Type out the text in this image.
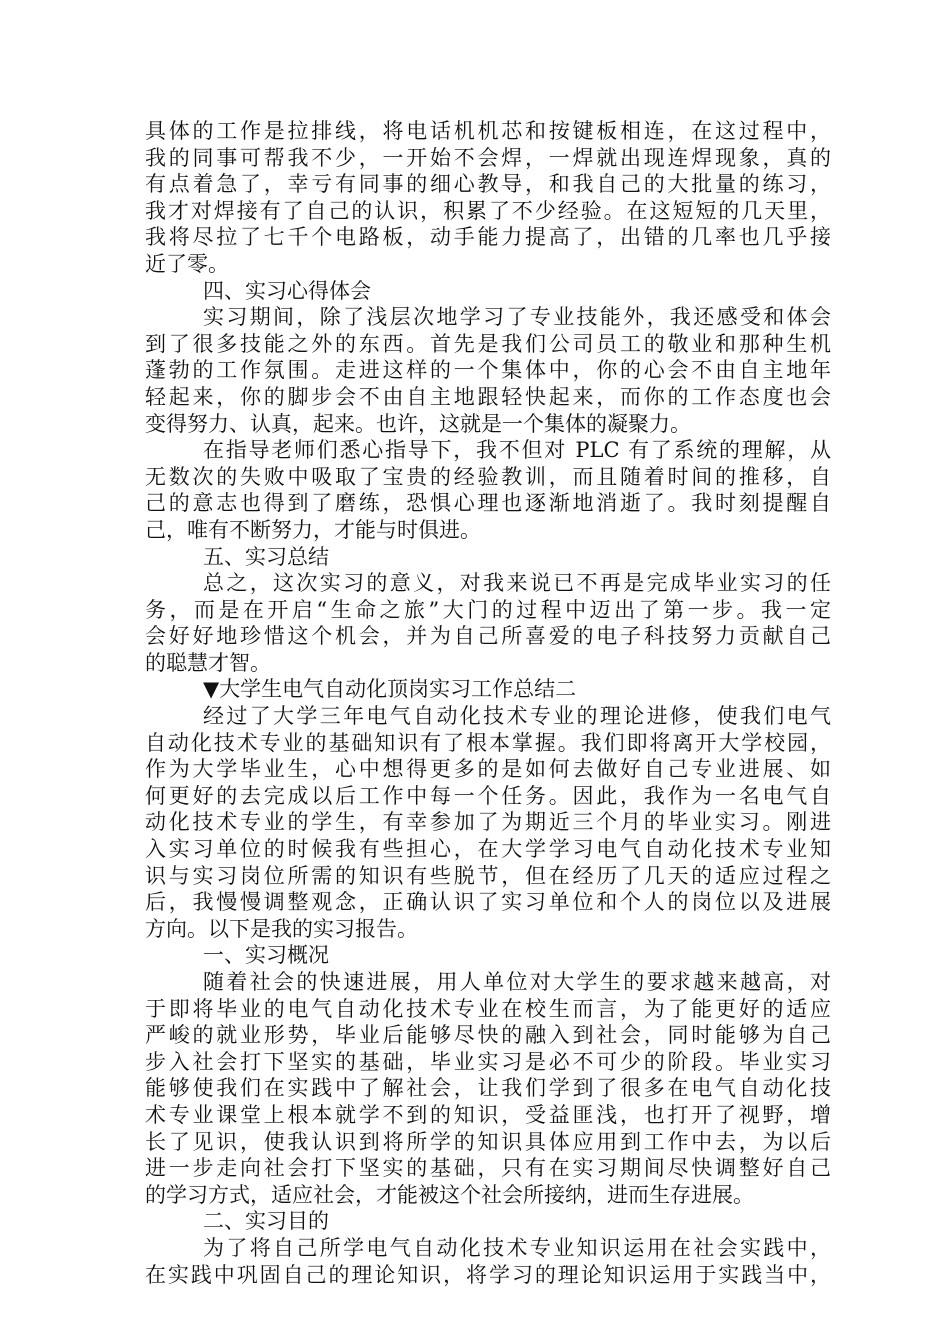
具体的工作是拉排线，将电话机机芯和按键板相连，在这过程中，
我的同事可帮我不少，一开始不会焊，一焊就出现连焊现象，真的
有点着急了，幸亏有同事的细心教导，和我自己的大批量的练习，
我才对焊接有了自己的认识，积累了不少经验。在这短短的几天里，
我将尽拉了七千个电路板，动手能力提高了，出错的几率也几乎接
近了零。
四、实习心得体会
实习期间，除了浅层次地学习了专业技能外，我还感受和体会
到了很多技能之外的东西。首先是我们公司员工的敬业和那种生机
蓬勃的工作氛围。走进这样的一个集体中，你的心会不由自主地年
轻起来，你的脚步会不由自主地跟轻快起来，而你的工作态度也会
变得努力、认真，起来。也许，这就是一个集体的凝聚力。
在指导老师们悉心指导下，我不但对 PLC 有了系统的理解，从
无数次的失败中吸取了宝贵的经验教训，而且随着时间的推移，自
己的意志也得到了磨练，恐惧心理也逐渐地消逝了。我时刻提醒自
己，唯有不断努力，才能与时俱进。
五、实习总结
总之，这次实习的意义，对我来说已不再是完成毕业实习的任
务，而是在开启“生命之旅”大门的过程中迈出了第一步。我一定
会好好地珍惜这个机会，并为自己所喜爱的电子科技努力贡献自己
的聪慧才智。
▼大学生电气自动化顶岗实习工作总结二
经过了大学三年电气自动化技术专业的理论进修，使我们电气
自动化技术专业的基础知识有了根本掌握。我们即将离开大学校园，
作为大学毕业生，心中想得更多的是如何去做好自己专业进展、如
何更好的去完成以后工作中每一个任务。因此，我作为一名电气自
动化技术专业的学生，有幸参加了为期近三个月的毕业实习。刚进
入实习单位的时候我有些担心，在大学学习电气自动化技术专业知
识与实习岗位所需的知识有些脱节，但在经历了几天的适应过程之
后，我慢慢调整观念，正确认识了实习单位和个人的岗位以及进展
方向。以下是我的实习报告。
一、实习概况
随着社会的快速进展，用人单位对大学生的要求越来越高，对
于即将毕业的电气自动化技术专业在校生而言，为了能更好的适应
严峻的就业形势，毕业后能够尽快的融入到社会，同时能够为自己
步入社会打下坚实的基础，毕业实习是必不可少的阶段。毕业实习
能够使我们在实践中了解社会，让我们学到了很多在电气自动化技
术专业课堂上根本就学不到的知识，受益匪浅，也打开了视野，增
长了见识，使我认识到将所学的知识具体应用到工作中去，为以后
进一步走向社会打下坚实的基础，只有在实习期间尽快调整好自己
的学习方式，适应社会，才能被这个社会所接纳，进而生存进展。
二、实习目的
为了将自己所学电气自动化技术专业知识运用在社会实践中，
在实践中巩固自己的理论知识，将学习的理论知识运用于实践当中，
